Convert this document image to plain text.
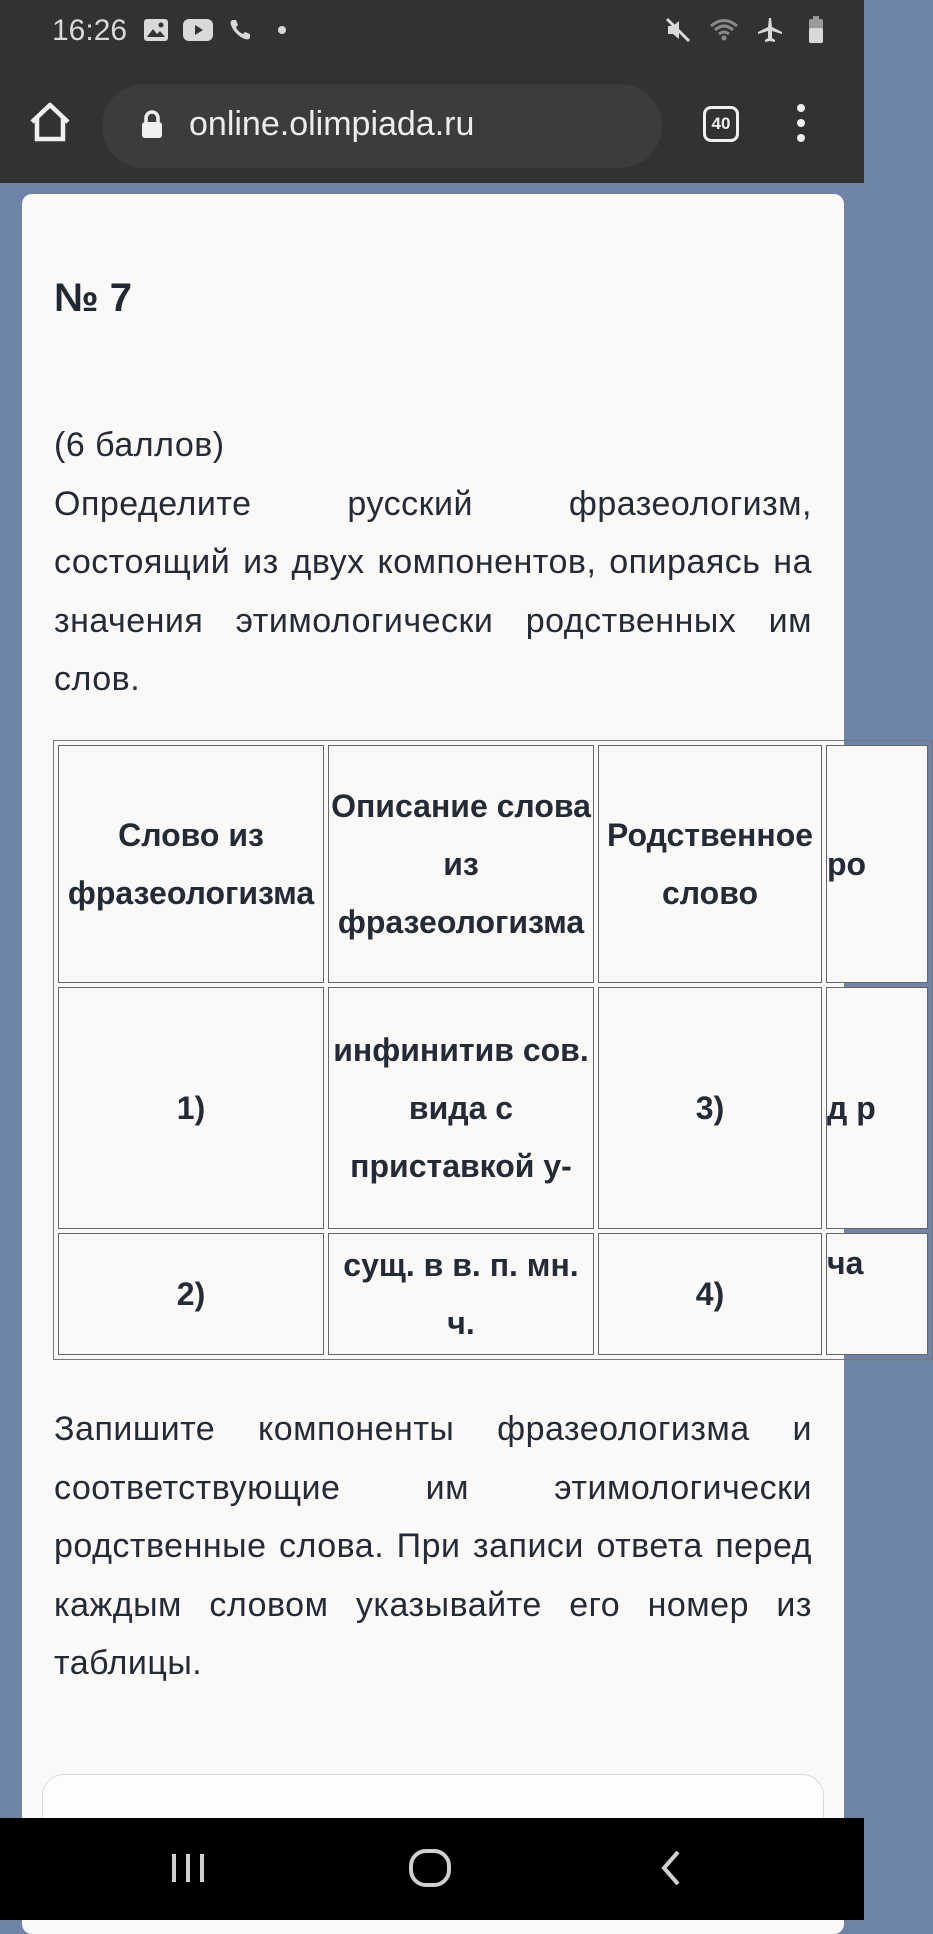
16:26
online.olimpiada.ru	40
№ 7

(6 баллов)

Определите русский фразеологизм, состоящий из двух компонентов, опираясь на значения этимологически родственных им слов.

Слово из фразеологизма	Описание слова из фразеологизма	Родственное слово	ро
1)	инфинитив сов. вида с приставкой у-	3)	д р
2)	сущ. в в. п. мн. ч.	4)	ча
Запишите компоненты фразеологизма и соответствующие им этимологически родственные слова. При записи ответа перед каждым словом указывайте его номер из таблицы.
